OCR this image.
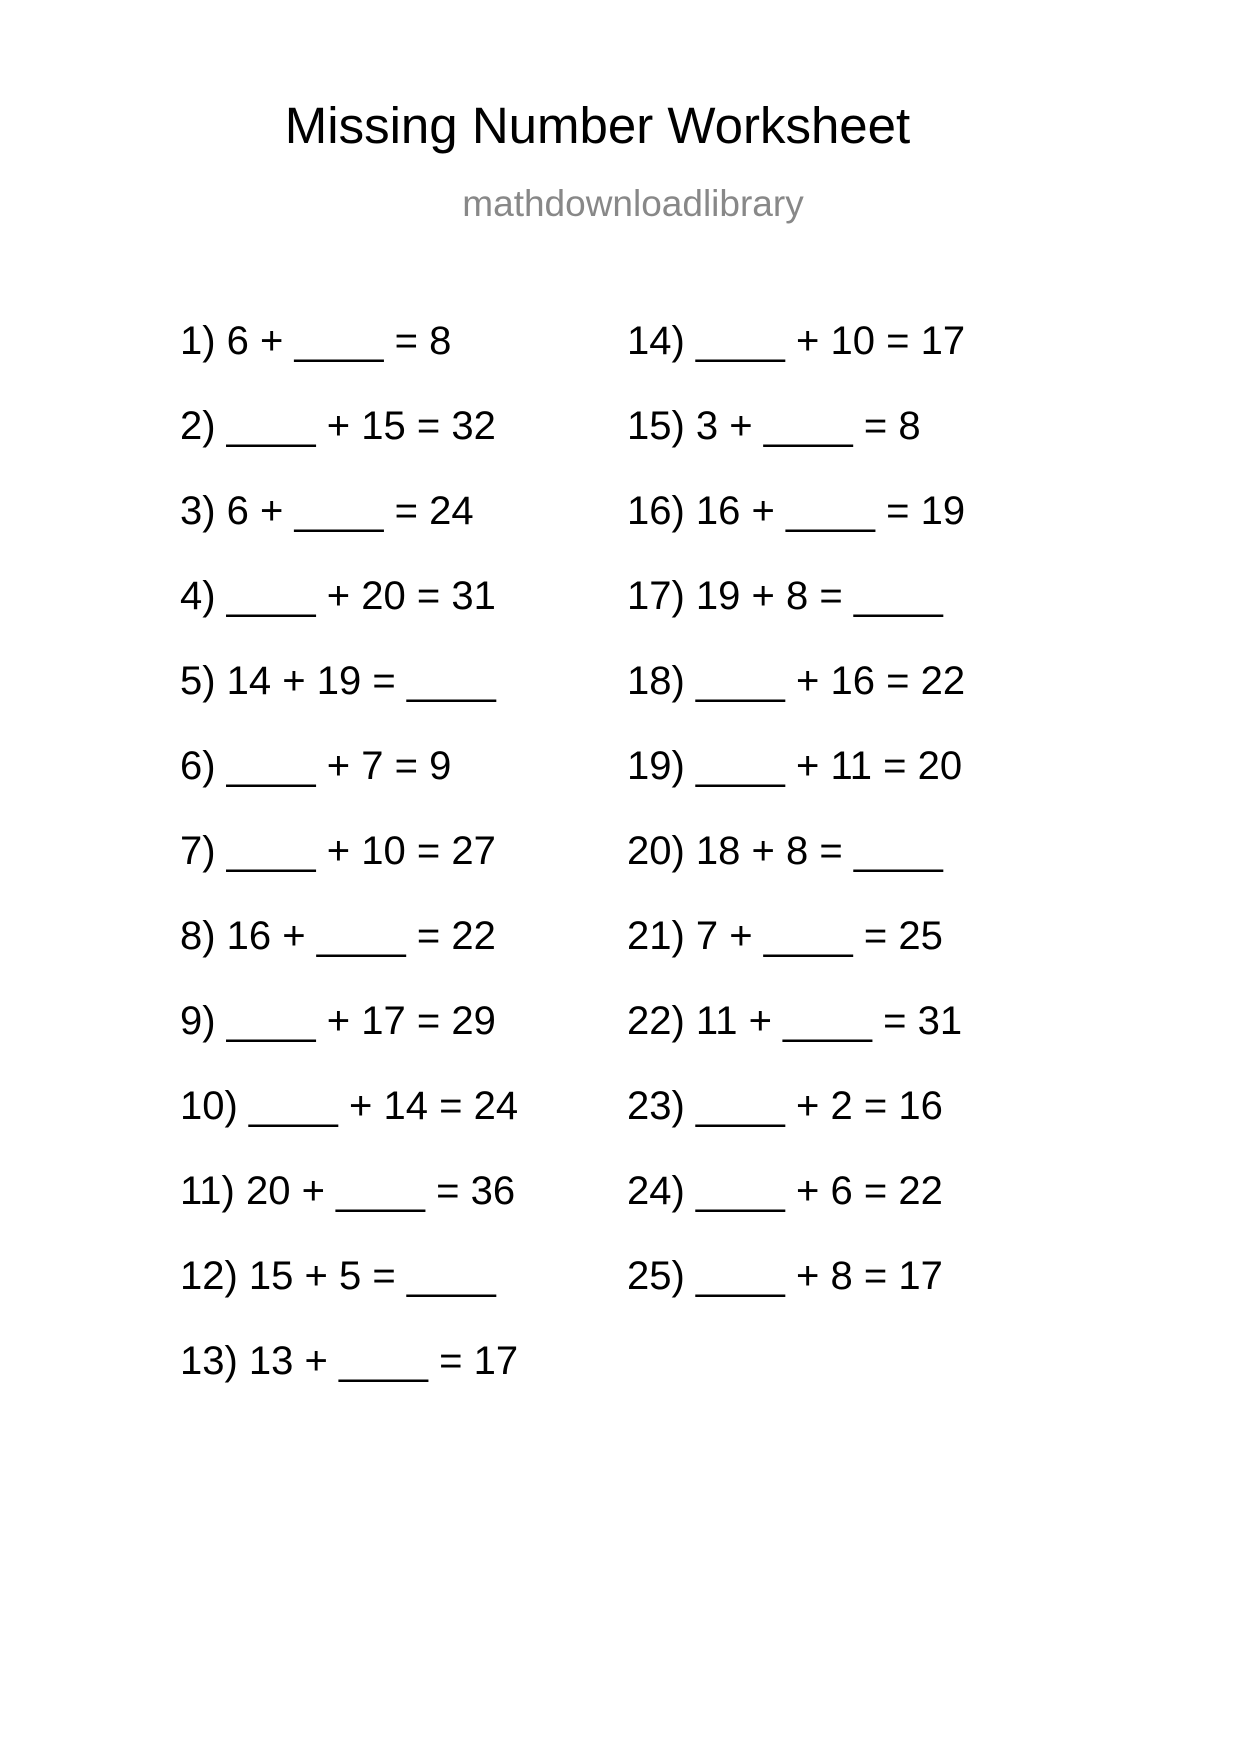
Missing Number Worksheet
mathdownloadlibrary
1) 6 + ____ = 8
2) ____ + 15 = 32
3) 6 + ____ = 24
4) ____ + 20 = 31
5) 14 + 19 = ____
6) ____ + 7 = 9
7) ____ + 10 = 27
8) 16 + ____ = 22
9) ____ + 17 = 29
10) ____ + 14 = 24
11) 20 + ____ = 36
12) 15 + 5 = ____
13) 13 + ____ = 17
14) ____ + 10 = 17
15) 3 + ____ = 8
16) 16 + ____ = 19
17) 19 + 8 = ____
18) ____ + 16 = 22
19) ____ + 11 = 20
20) 18 + 8 = ____
21) 7 + ____ = 25
22) 11 + ____ = 31
23) ____ + 2 = 16
24) ____ + 6 = 22
25) ____ + 8 = 17
